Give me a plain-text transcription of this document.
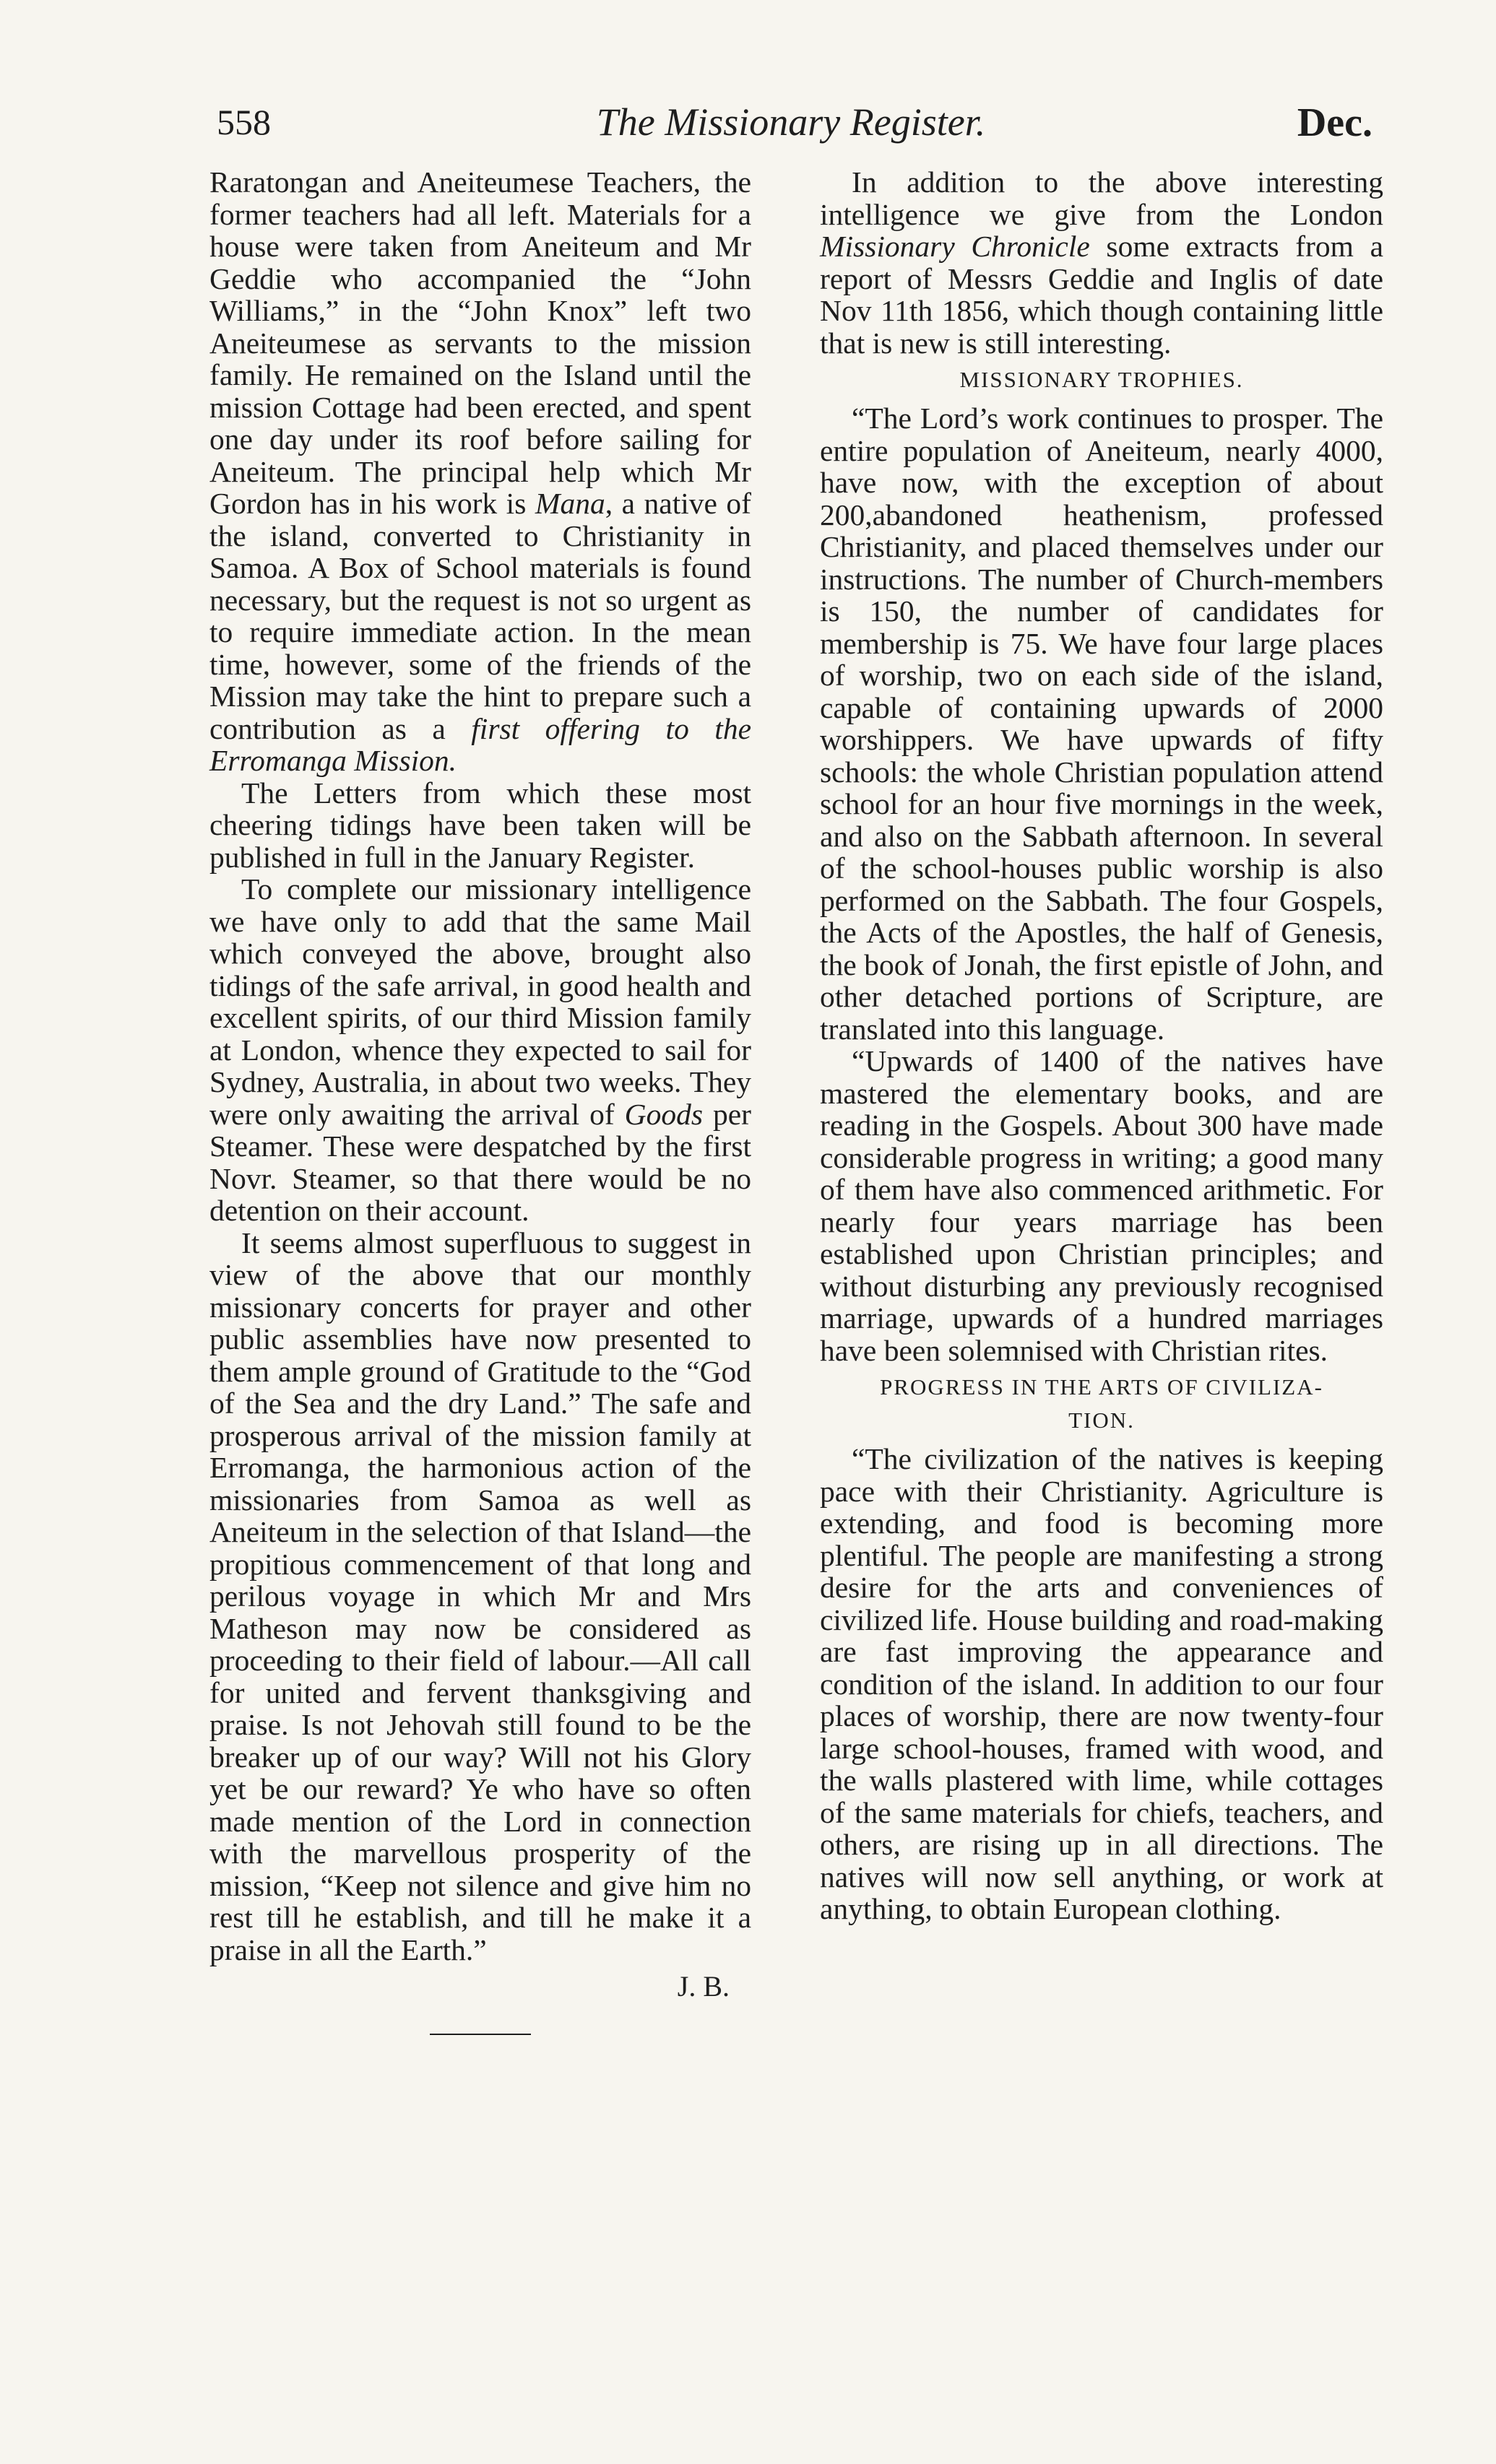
558	The Missionary Register.	Dec.

Raratongan and Aneiteumese Teachers, the former teachers had all left. Materials for a house were taken from Aneiteum and Mr Geddie who accompanied the “John Williams,” in the “John Knox” left two Aneiteumese as servants to the mission family. He remained on the Island until the mission Cottage had been erected, and spent one day under its roof before sailing for Aneiteum. The principal help which Mr Gordon has in his work is Mana, a native of the island, converted to Christianity in Samoa. A Box of School materials is found necessary, but the request is not so urgent as to require immediate action. In the mean time, however, some of the friends of the Mission may take the hint to prepare such a contribution as a first offering to the Erromanga Mission.

The Letters from which these most cheering tidings have been taken will be published in full in the January Register.

To complete our missionary intelligence we have only to add that the same Mail which conveyed the above, brought also tidings of the safe arrival, in good health and excellent spirits, of our third Mission family at London, whence they expected to sail for Sydney, Australia, in about two weeks. They were only awaiting the arrival of Goods per Steamer. These were despatched by the first Novr. Steamer, so that there would be no detention on their account.

It seems almost superfluous to suggest in view of the above that our monthly missionary concerts for prayer and other public assemblies have now presented to them ample ground of Gratitude to the “God of the Sea and the dry Land.” The safe and prosperous arrival of the mission family at Erromanga, the harmonious action of the missionaries from Samoa as well as Aneiteum in the selection of that Island—the propitious commencement of that long and perilous voyage in which Mr and Mrs Matheson may now be considered as proceeding to their field of labour.—All call for united and fervent thanksgiving and praise. Is not Jehovah still found to be the breaker up of our way? Will not his Glory yet be our reward? Ye who have so often made mention of the Lord in connection with the marvellous prosperity of the mission, “Keep not silence and give him no rest till he establish, and till he make it a praise in all the Earth.”

J. B.

In addition to the above interesting intelligence we give from the London Missionary Chronicle some extracts from a report of Messrs Geddie and Inglis of date Nov 11th 1856, which though containing little that is new is still interesting.

MISSIONARY TROPHIES.

“The Lord’s work continues to prosper. The entire population of Aneiteum, nearly 4000, have now, with the exception of about 200,abandoned heathenism, professed Christianity, and placed themselves under our instructions. The number of Church-members is 150, the number of candidates for membership is 75. We have four large places of worship, two on each side of the island, capable of containing upwards of 2000 worshippers. We have upwards of fifty schools: the whole Christian population attend school for an hour five mornings in the week, and also on the Sabbath afternoon. In several of the school-houses public worship is also performed on the Sabbath. The four Gospels, the Acts of the Apostles, the half of Genesis, the book of Jonah, the first epistle of John, and other detached portions of Scripture, are translated into this language.

“Upwards of 1400 of the natives have mastered the elementary books, and are reading in the Gospels. About 300 have made considerable progress in writing; a good many of them have also commenced arithmetic. For nearly four years marriage has been established upon Christian principles; and without disturbing any previously recognised marriage, upwards of a hundred marriages have been solemnised with Christian rites.

PROGRESS IN THE ARTS OF CIVILIZA-
TION.

“The civilization of the natives is keeping pace with their Christianity. Agriculture is extending, and food is becoming more plentiful. The people are manifesting a strong desire for the arts and conveniences of civilized life. House building and road-making are fast improving the appearance and condition of the island. In addition to our four places of worship, there are now twenty-four large school-houses, framed with wood, and the walls plastered with lime, while cottages of the same materials for chiefs, teachers, and others, are rising up in all directions. The natives will now sell anything, or work at anything, to obtain European clothing.
